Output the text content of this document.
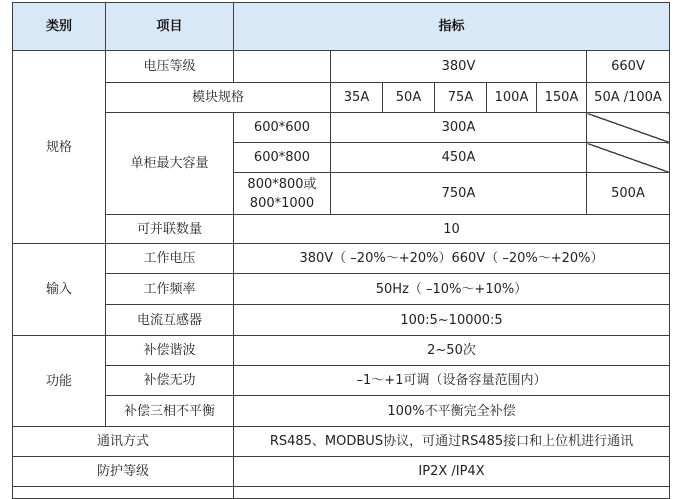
类别	项目	指标						
规格	电压等级		380V					660V
	模块规格		35A	50A	75A	100A	150A	50A /100A
	单柜最大容量	600*600	300A					
		600*800	450A					
		800*800或800*1000	750A					500A
	可并联数量	10						
输入	工作电压	380V（ –20%～+20%）660V（ –20%～+20%）						
	工作频率	50Hz（ –10%～+10%）						
	电流互感器	100:5~10000:5						
功能	补偿谐波	2~50次						
	补偿无功	–1～+1可调（设备容量范围内）						
	补偿三相不平衡	100%不平衡完全补偿						
通讯方式		RS485、MODBUS协议，可通过RS485接口和上位机进行通讯						
防护等级		IP2X /IP4X						
